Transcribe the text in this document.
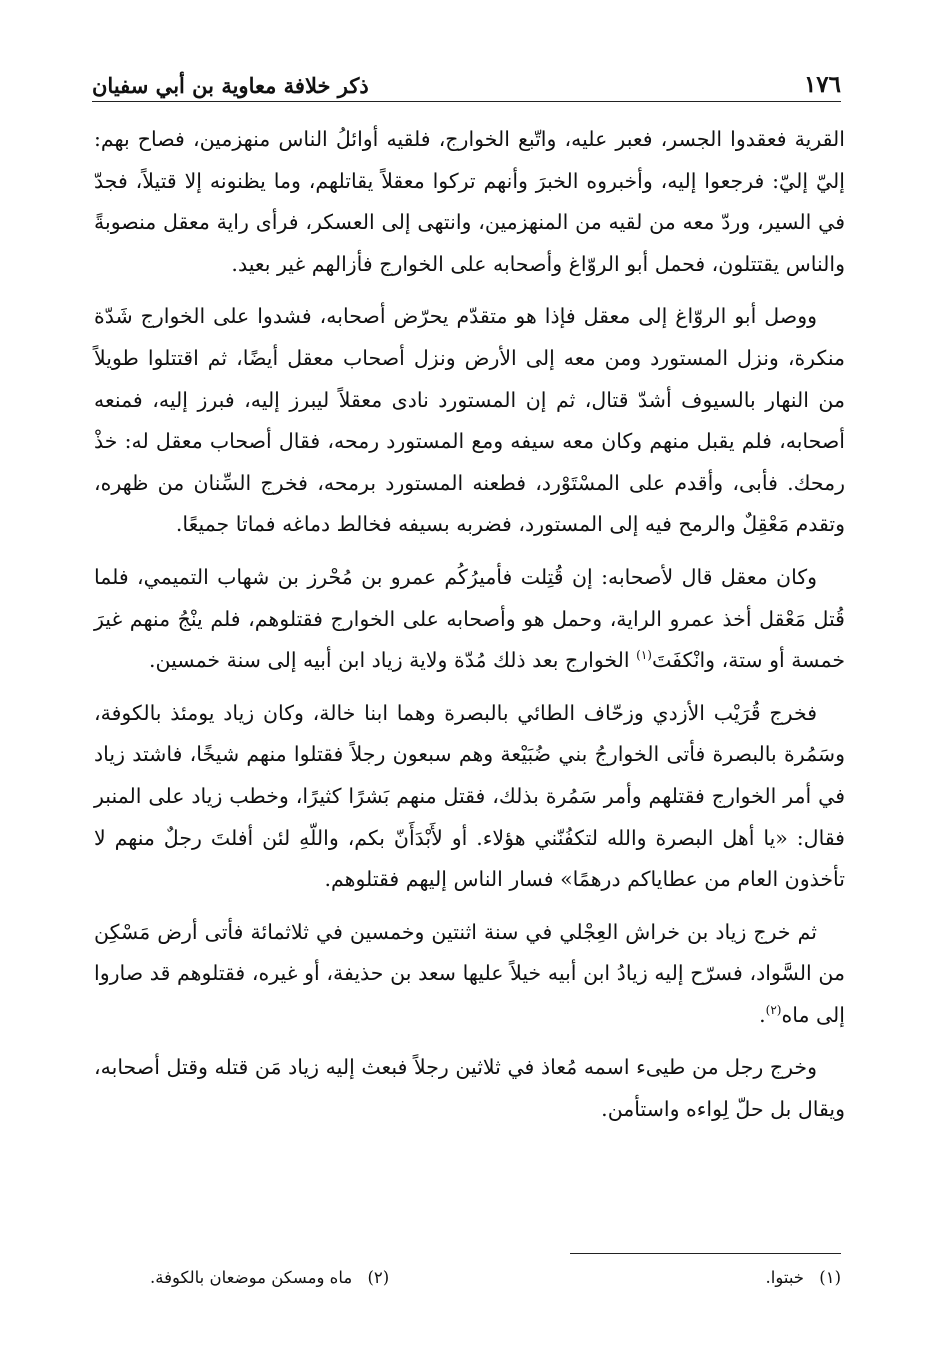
١٧٦
ذكر خلافة معاوية بن أبي سفيان

القرية فعقدوا الجسر، فعبر عليه، واتّبع الخوارج، فلقيه أوائلُ الناس منهزمين، فصاح بهم: إليّ إليّ: فرجعوا إليه، وأخبروه الخبرَ وأنهم تركوا معقلاً يقاتلهم، وما يظنونه إلا قتيلاً، فجدّ في السير، وردّ معه من لقيه من المنهزمين، وانتهى إلى العسكر، فرأى راية معقل منصوبةً والناس يقتتلون، فحمل أبو الروّاغ وأصحابه على الخوارج فأزالهم غير بعيد.

ووصل أبو الروّاغ إلى معقل فإذا هو متقدّم يحرّض أصحابه، فشدوا على الخوارج شَدّة منكرة، ونزل المستورد ومن معه إلى الأرض ونزل أصحاب معقل أيضًا، ثم اقتتلوا طويلاً من النهار بالسيوف أشدّ قتال، ثم إن المستورد نادى معقلاً ليبرز إليه، فبرز إليه، فمنعه أصحابه، فلم يقبل منهم وكان معه سيفه ومع المستورد رمحه، فقال أصحاب معقل له: خذْ رمحك. فأبى، وأقدم على المسْتَوْرد، فطعنه المستورد برمحه، فخرج السِّنان من ظهره، وتقدم مَعْقِلٌ والرمح فيه إلى المستورد، فضربه بسيفه فخالط دماغه فماتا جميعًا.

وكان معقل قال لأصحابه: إن قُتِلت فأميرُكُم عمرو بن مُحْرز بن شهاب التميمي، فلما قُتل مَعْقل أخذ عمرو الراية، وحمل هو وأصحابه على الخوارج فقتلوهم، فلم ينْجُ منهم غيرَ خمسة أو ستة، وانْكفَتَ$^{(١)}$ الخوارج بعد ذلك مُدّة ولاية زياد ابن أبيه إلى سنة خمسين.

فخرج قُرَيْب الأزدي وزحّاف الطائي بالبصرة وهما ابنا خالة، وكان زياد يومئذ بالكوفة، وسَمُرة بالبصرة فأتى الخوارجُ بني ضُبَيْعة وهم سبعون رجلاً فقتلوا منهم شيخًا، فاشتد زياد في أمر الخوارج فقتلهم وأمر سَمُرة بذلك، فقتل منهم بَشرًا كثيرًا، وخطب زياد على المنبر فقال: «يا أهل البصرة والله لتكفُنّني هؤلاء. أو لأَبْدَأَنّ بكم، واللّهِ لئن أفلتَ رجلٌ منهم لا تأخذون العام من عطاياكم درهمًا» فسار الناس إليهم فقتلوهم.

ثم خرج زياد بن خراش العِجْلي في سنة اثنتين وخمسين في ثلاثمائة فأتى أرض مَسْكِن من السَّواد، فسرّح إليه زيادُ ابن أبيه خيلاً عليها سعد بن حذيفة، أو غيره، فقتلوهم قد صاروا إلى ماه$^{(٢)}$.

وخرج رجل من طيىء اسمه مُعاذ في ثلاثين رجلاً فبعث إليه زياد مَن قتله وقتل أصحابه، ويقال بل حلّ لِواءه واستأمن.

(١) خبتوا.
(٢) ماه ومسكن موضعان بالكوفة.
